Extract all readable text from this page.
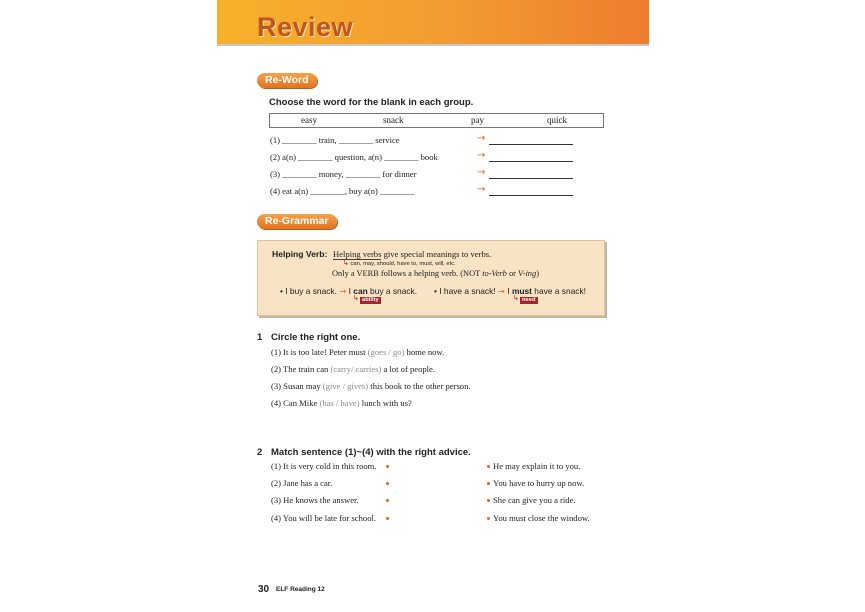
Review
Re-Word
Choose the word for the blank in each group.
easy	snack	pay	quick
(1) ________ train, ________ service	→
(2) a(n) ________ question, a(n) ________ book	→
(3) ________ money, ________ for dinner	→
(4) eat a(n) ________, buy a(n) ________	→
Re-Grammar
Helping Verb: Helping verbs give special meanings to verbs.
↳ can, may, should, have to, must, will, etc.
Only a VERB follows a helping verb. (NOT to-Verb or V-ing)
• I buy a snack. → I can buy a snack.
↳ ability
• I have a snack! → I must have a snack!
↳ need
1 Circle the right one.
(1) It is too late! Peter must (goes / go) home now.
(2) The train can (carry/ carries) a lot of people.
(3) Susan may (give / gives) this book to the other person.
(4) Can Mike (has / have) lunch with us?
2 Match sentence (1)~(4) with the right advice.
(1) It is very cold in this room.	He may explain it to you.
(2) Jane has a car.	You have to hurry up now.
(3) He knows the answer.	She can give you a ride.
(4) You will be late for school.	You must close the window.
30 ELF Reading 12
